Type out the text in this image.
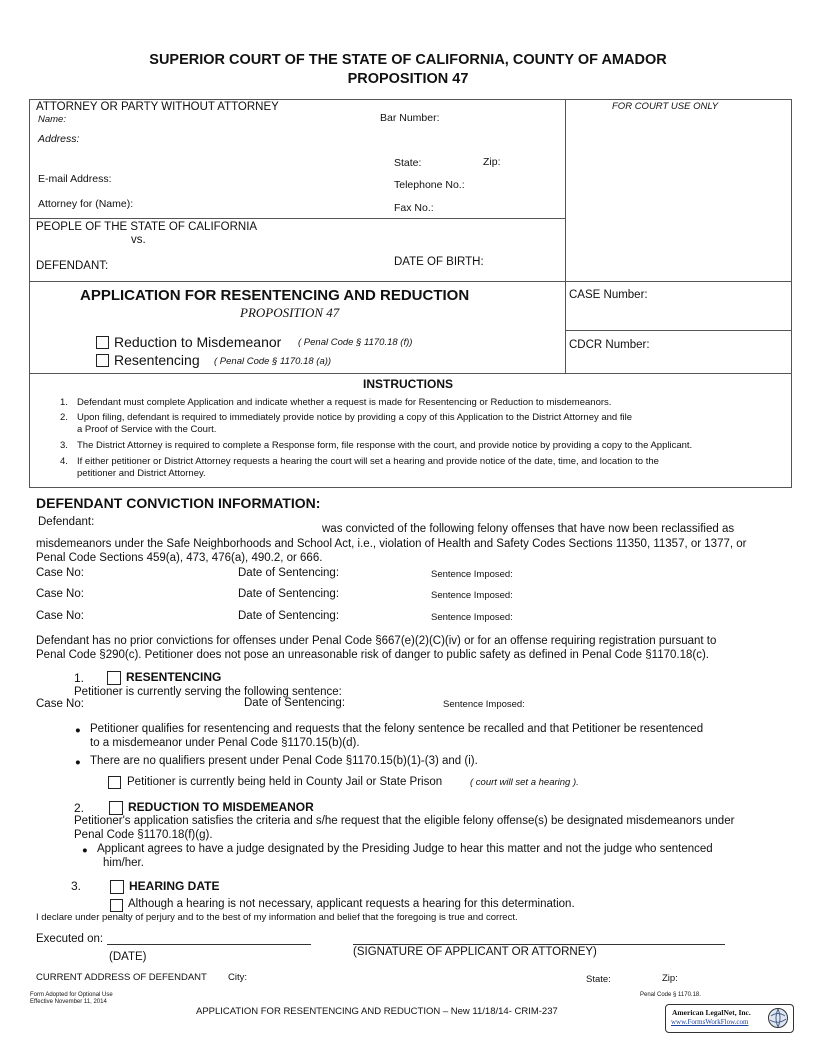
SUPERIOR COURT OF THE STATE OF CALIFORNIA, COUNTY OF AMADOR
PROPOSITION 47
ATTORNEY OR PARTY WITHOUT ATTORNEY
Name:	Bar Number:
Address:
State:	Zip:
E-mail Address:	Telephone No.:
Attorney for (Name):	Fax No.:
FOR COURT USE ONLY
PEOPLE OF THE STATE OF CALIFORNIA
vs.
DEFENDANT:	DATE OF BIRTH:
APPLICATION FOR RESENTENCING AND REDUCTION
PROPOSITION 47
CASE Number:
CDCR Number:
Reduction to Misdemeanor ( Penal Code § 1170.18 (f))
Resentencing ( Penal Code § 1170.18 (a))
INSTRUCTIONS
1. Defendant must complete Application and indicate whether a request is made for Resentencing or Reduction to misdemeanors.
2. Upon filing, defendant is required to immediately provide notice by providing a copy of this Application to the District Attorney and file
a Proof of Service with the Court.
3. The District Attorney is required to complete a Response form, file response with the court, and provide notice by providing a copy to the Applicant.
4. If either petitioner or District Attorney requests a hearing the court will set a hearing and provide notice of the date, time, and location to the
petitioner and District Attorney.
DEFENDANT CONVICTION INFORMATION:
Defendant:
was convicted of the following felony offenses that have now been reclassified as
misdemeanors under the Safe Neighborhoods and School Act, i.e., violation of Health and Safety Codes Sections 11350, 11357, or 1377, or
Penal Code Sections 459(a), 473, 476(a), 490.2, or 666.
Case No:	Date of Sentencing:	Sentence Imposed:
Case No:	Date of Sentencing:	Sentence Imposed:
Case No:	Date of Sentencing:	Sentence Imposed:
Defendant has no prior convictions for offenses under Penal Code §667(e)(2)(C)(iv) or for an offense requiring registration pursuant to
Penal Code §290(c). Petitioner does not pose an unreasonable risk of danger to public safety as defined in Penal Code §1170.18(c).
1.	RESENTENCING
Petitioner is currently serving the following sentence:
Case No:	Date of Sentencing:	Sentence Imposed:
● Petitioner qualifies for resentencing and requests that the felony sentence be recalled and that Petitioner be resentenced
to a misdemeanor under Penal Code §1170.15(b)(d).
● There are no qualifiers present under Penal Code §1170.15(b)(1)-(3) and (i).
Petitioner is currently being held in County Jail or State Prison	( court will set a hearing ).
2.	REDUCTION TO MISDEMEANOR
Petitioner's application satisfies the criteria and s/he request that the eligible felony offense(s) be designated misdemeanors under
Penal Code §1170.18(f)(g).
● Applicant agrees to have a judge designated by the Presiding Judge to hear this matter and not the judge who sentenced
him/her.
3.	HEARING DATE
Although a hearing is not necessary, applicant requests a hearing for this determination.
I declare under penalty of perjury and to the best of my information and belief that the foregoing is true and correct.
Executed on:
(DATE)	(SIGNATURE OF APPLICANT OR ATTORNEY)
CURRENT ADDRESS OF DEFENDANT City:	State:	Zip:
Form Adopted for Optional Use
Effective November 11, 2014
APPLICATION FOR RESENTENCING AND REDUCTION – New 11/18/14- CRIM-237
Penal Code § 1170.18.
American LegalNet, Inc.
www.FormsWorkFlow.com
